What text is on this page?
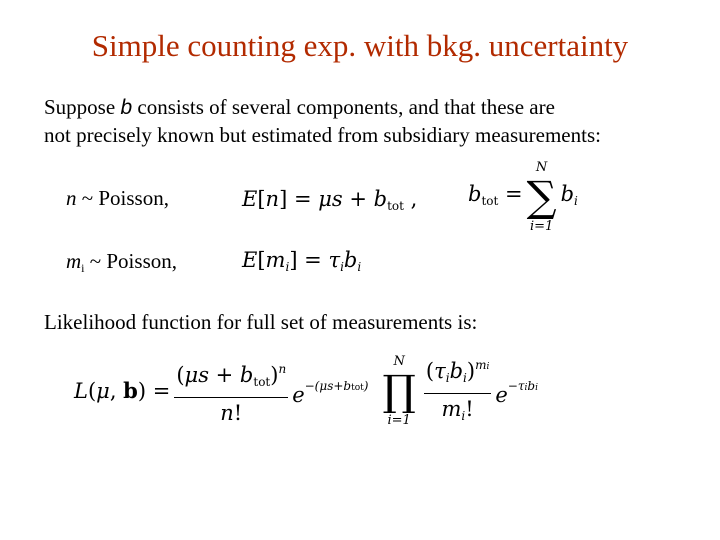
Simple counting exp. with bkg. uncertainty
Suppose b consists of several components, and that these are
not precisely known but estimated from subsidiary measurements:
n ~ Poisson,	$E[n] = \mu s + b_{tot}$ , $b_{tot}$ =
N
∑
i=1
bi
mi ~ Poisson,	E[mi] = τibi
Likelihood function for full set of measurements is:
L(μ, $b) = \frac{(\mu s + b_{tot})^n}{n!} e^{-(\mu s+btot)}$
N
∏
$i=1 \frac{(\tau ibi)^{mi}}{mi!} e^{-\tau ibi}$
